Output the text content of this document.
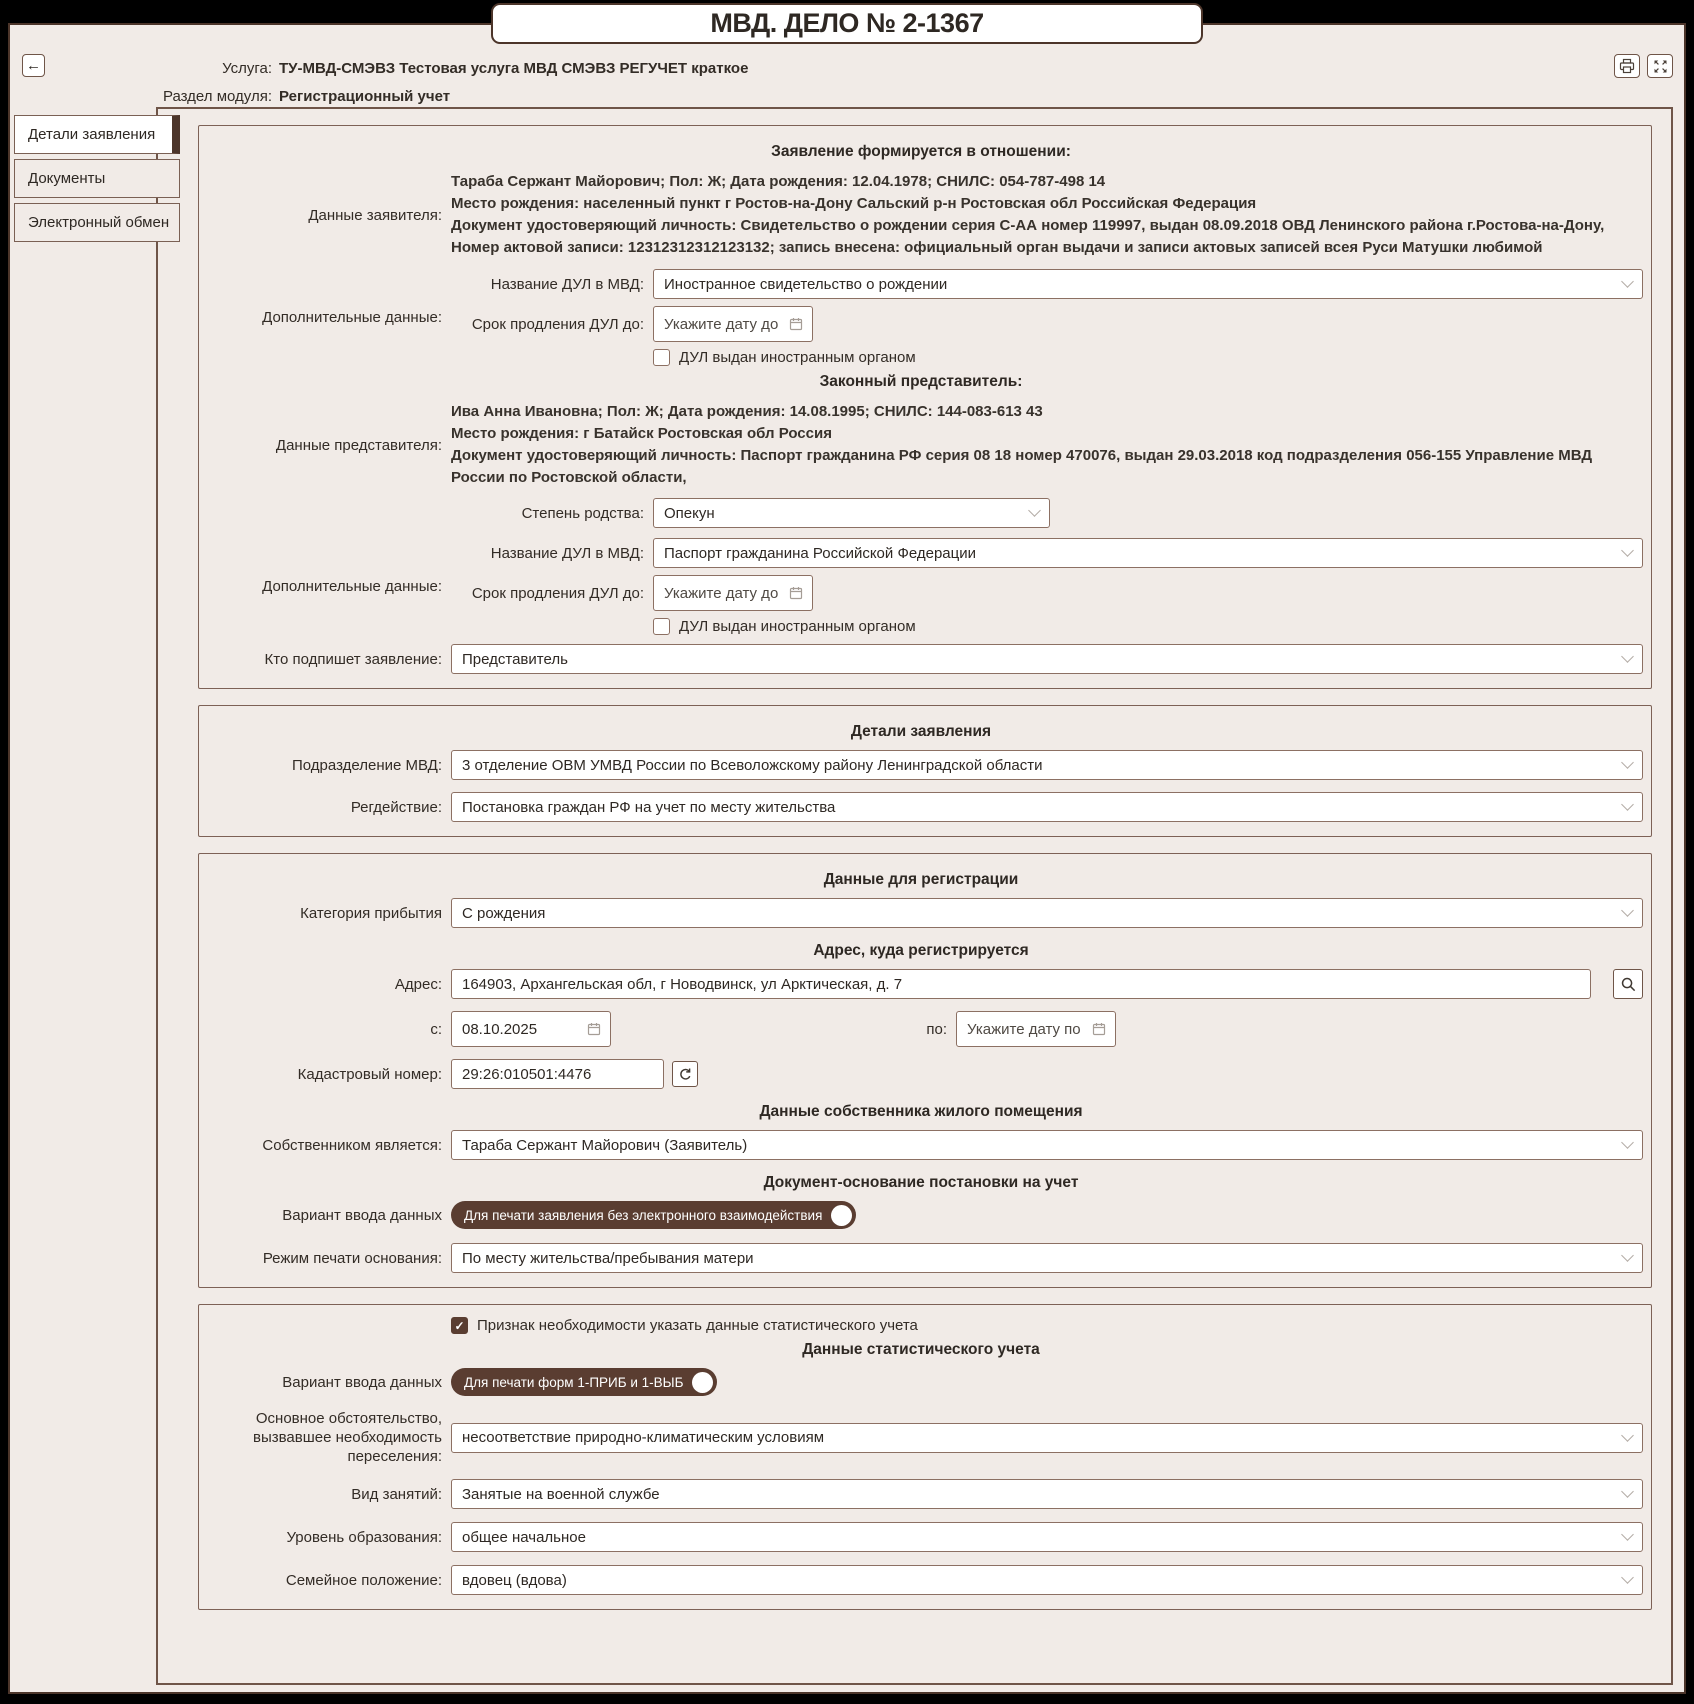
МВД. ДЕЛО № 2-1367
←	Услуга: ТУ-МВД-СМЭВЗ Тестовая услуга МВД СМЭВЗ РЕГУЧЕТ краткое
Раздел модуля: Регистрационный учет
Детали заявления
Документы
Электронный обмен
Заявление формируется в отношении:
Данные заявителя:
Тараба Сержант Майорович; Пол: Ж; Дата рождения: 12.04.1978; СНИЛС: 054-787-498 14
Место рождения: населенный пункт г Ростов-на-Дону Сальский р-н Ростовская обл Российская Федерация
Документ удостоверяющий личность: Свидетельство о рождении серия С-АА номер 119997, выдан 08.09.2018 ОВД Ленинского района г.Ростова-на-Дону,
Номер актовой записи: 12312312312123132; запись внесена: официальный орган выдачи и записи актовых записей всея Руси Матушки любимой
Дополнительные данные:
Название ДУЛ в МВД:	Иностранное свидетельство о рождении
Срок продления ДУЛ до:	Укажите дату до
ДУЛ выдан иностранным органом
Законный представитель:
Данные представителя:
Ива Анна Ивановна; Пол: Ж; Дата рождения: 14.08.1995; СНИЛС: 144-083-613 43
Место рождения: г Батайск Ростовская обл Россия
Документ удостоверяющий личность: Паспорт гражданина РФ серия 08 18 номер 470076, выдан 29.03.2018 код подразделения 056-155 Управление МВД России по Ростовской области,
Степень родства:	Опекун
Дополнительные данные:
Название ДУЛ в МВД:	Паспорт гражданина Российской Федерации
Срок продления ДУЛ до:	Укажите дату до
ДУЛ выдан иностранным органом
Кто подпишет заявление:	Представитель
Детали заявления
Подразделение МВД:	3 отделение ОВМ УМВД России по Всеволожскому району Ленинградской области
Регдействие:	Постановка граждан РФ на учет по месту жительства
Данные для регистрации
Категория прибытия	С рождения
Адрес, куда регистрируется
Адрес:	164903, Архангельская обл, г Новодвинск, ул Арктическая, д. 7
с:	08.10.2025	по:	Укажите дату по
Кадастровый номер:	29:26:010501:4476
Данные собственника жилого помещения
Собственником является:	Тараба Сержант Майорович (Заявитель)
Документ-основание постановки на учет
Вариант ввода данных	Для печати заявления без электронного взаимодействия
Режим печати основания:	По месту жительства/пребывания матери
✓ Признак необходимости указать данные статистического учета
Данные статистического учета
Вариант ввода данных	Для печати форм 1-ПРИБ и 1-ВЫБ
Основное обстоятельство, вызвавшее необходимость переселения:
несоответствие природно-климатическим условиям
Вид занятий:	Занятые на военной службе
Уровень образования:	общее начальное
Семейное положение:	вдовец (вдова)
